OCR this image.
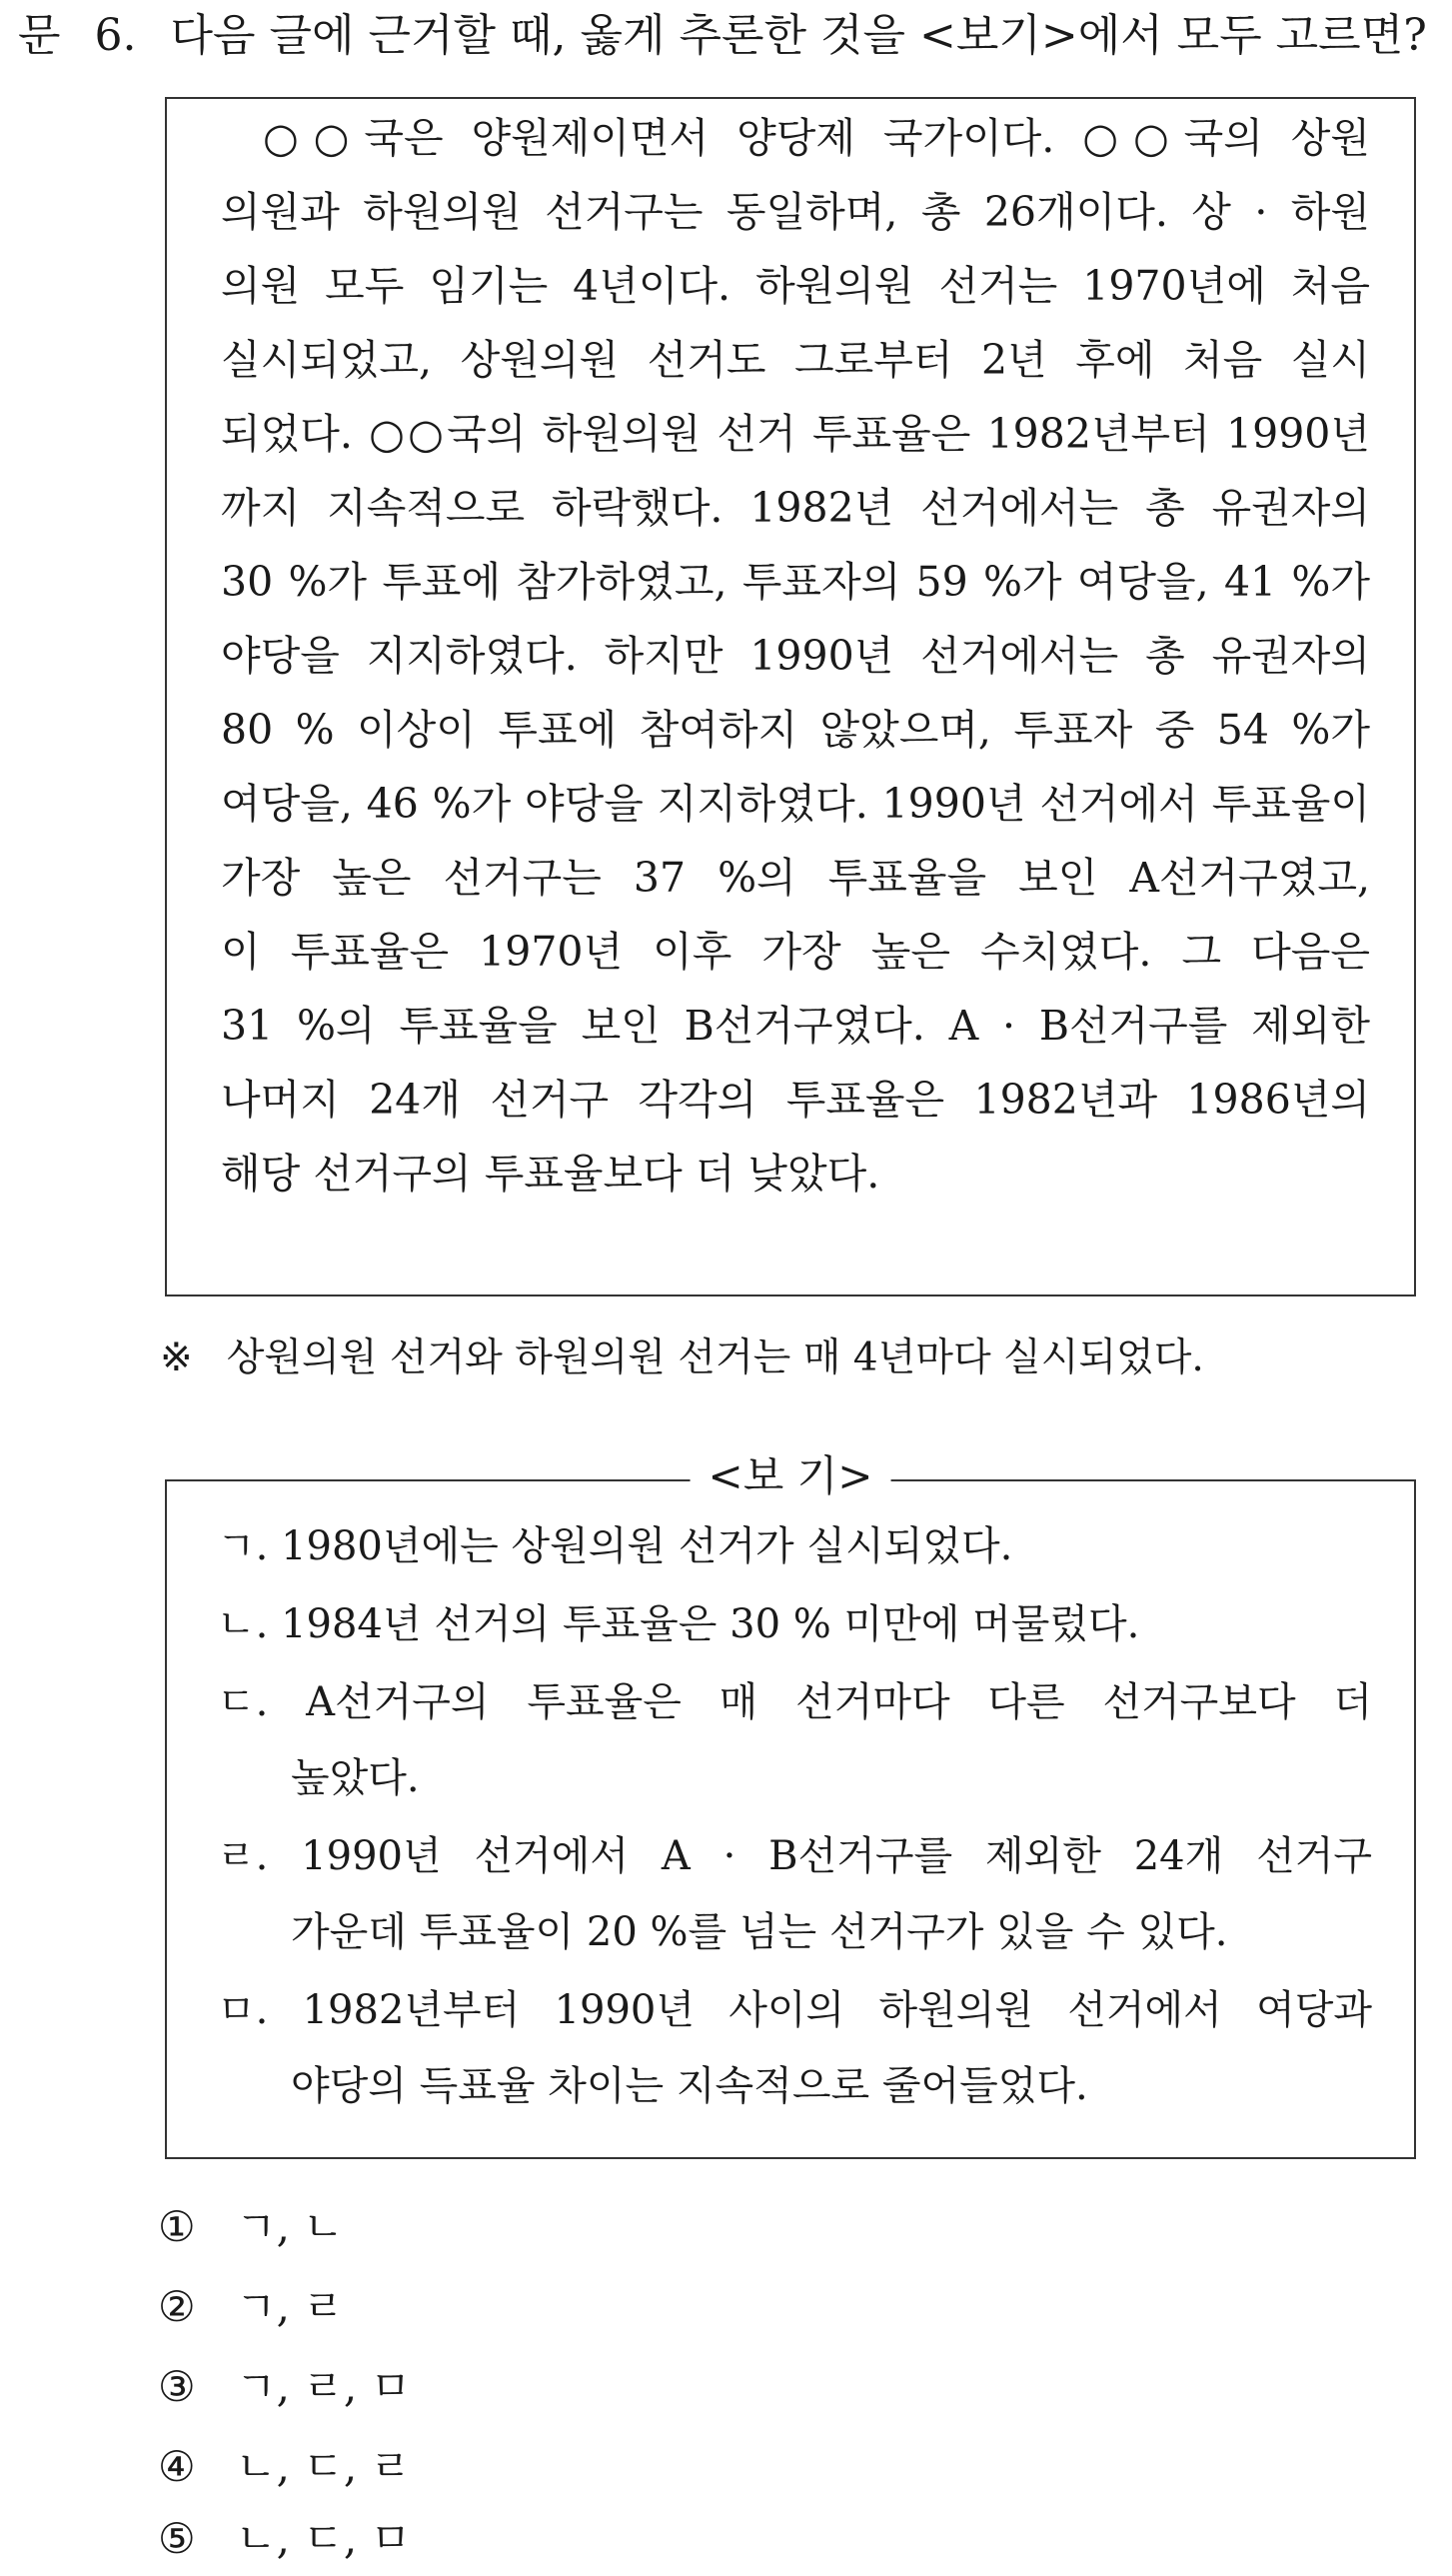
문 6. 다음 글에 근거할 때, 옳게 추론한 것을 <보기>에서 모두 고르면?
○○국은 양원제이면서 양당제 국가이다. ○○국의 상원
의원과 하원의원 선거구는 동일하며, 총 26개이다. 상 · 하원
의원 모두 임기는 4년이다. 하원의원 선거는 1970년에 처음
실시되었고, 상원의원 선거도 그로부터 2년 후에 처음 실시
되었다. ○○국의 하원의원 선거 투표율은 1982년부터 1990년
까지 지속적으로 하락했다. 1982년 선거에서는 총 유권자의
30 %가 투표에 참가하였고, 투표자의 59 %가 여당을, 41 %가
야당을 지지하였다. 하지만 1990년 선거에서는 총 유권자의
80 % 이상이 투표에 참여하지 않았으며, 투표자 중 54 %가
여당을, 46 %가 야당을 지지하였다. 1990년 선거에서 투표율이
가장 높은 선거구는 37 %의 투표율을 보인 A선거구였고,
이 투표율은 1970년 이후 가장 높은 수치였다. 그 다음은
31 %의 투표율을 보인 B선거구였다. A · B선거구를 제외한
나머지 24개 선거구 각각의 투표율은 1982년과 1986년의
해당 선거구의 투표율보다 더 낮았다.
※ 상원의원 선거와 하원의원 선거는 매 4년마다 실시되었다.
<보 기>
ㄱ. 1980년에는 상원의원 선거가 실시되었다.
ㄴ. 1984년 선거의 투표율은 30 % 미만에 머물렀다.
ㄷ. A선거구의 투표율은 매 선거마다 다른 선거구보다 더
높았다.
ㄹ. 1990년 선거에서 A · B선거구를 제외한 24개 선거구
가운데 투표율이 20 %를 넘는 선거구가 있을 수 있다.
ㅁ. 1982년부터 1990년 사이의 하원의원 선거에서 여당과
야당의 득표율 차이는 지속적으로 줄어들었다.
① ㄱ, ㄴ
② ㄱ, ㄹ
③ ㄱ, ㄹ, ㅁ
④ ㄴ, ㄷ, ㄹ
⑤ ㄴ, ㄷ, ㅁ
